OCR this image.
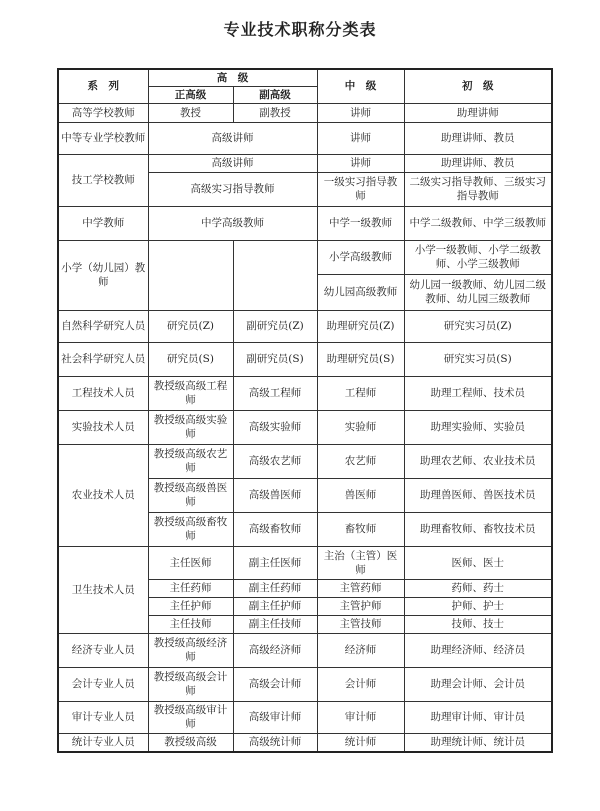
专业技术职称分类表
系　列	高　级		中　级	初　级
	正高级	副高级		
高等学校教师	教授	副教授	讲师	助理讲师
中等专业学校教师	高级讲师		讲师	助理讲师、教员
技工学校教师	高级讲师		讲师	助理讲师、教员
	高级实习指导教师		一级实习指导教师	二级实习指导教师、三级实习指导教师
中学教师	中学高级教师		中学一级教师	中学二级教师、中学三级教师
小学（幼儿园）教师			小学高级教师	小学一级教师、小学二级教师、小学三级教师
			幼儿园高级教师	幼儿园一级教师、幼儿园二级教师、幼儿园三级教师
自然科学研究人员	研究员(Z)	副研究员(Z)	助理研究员(Z)	研究实习员(Z)
社会科学研究人员	研究员(S)	副研究员(S)	助理研究员(S)	研究实习员(S)
工程技术人员	教授级高级工程师	高级工程师	工程师	助理工程师、技术员
实验技术人员	教授级高级实验师	高级实验师	实验师	助理实验师、实验员
农业技术人员	教授级高级农艺师	高级农艺师	农艺师	助理农艺师、农业技术员
	教授级高级兽医师	高级兽医师	兽医师	助理兽医师、兽医技术员
	教授级高级畜牧师	高级畜牧师	畜牧师	助理畜牧师、畜牧技术员
卫生技术人员	主任医师	副主任医师	主治（主管）医师	医师、医士
	主任药师	副主任药师	主管药师	药师、药士
	主任护师	副主任护师	主管护师	护师、护士
	主任技师	副主任技师	主管技师	技师、技士
经济专业人员	教授级高级经济师	高级经济师	经济师	助理经济师、经济员
会计专业人员	教授级高级会计师	高级会计师	会计师	助理会计师、会计员
审计专业人员	教授级高级审计师	高级审计师	审计师	助理审计师、审计员
统计专业人员	教授级高级	高级统计师	统计师	助理统计师、统计员
